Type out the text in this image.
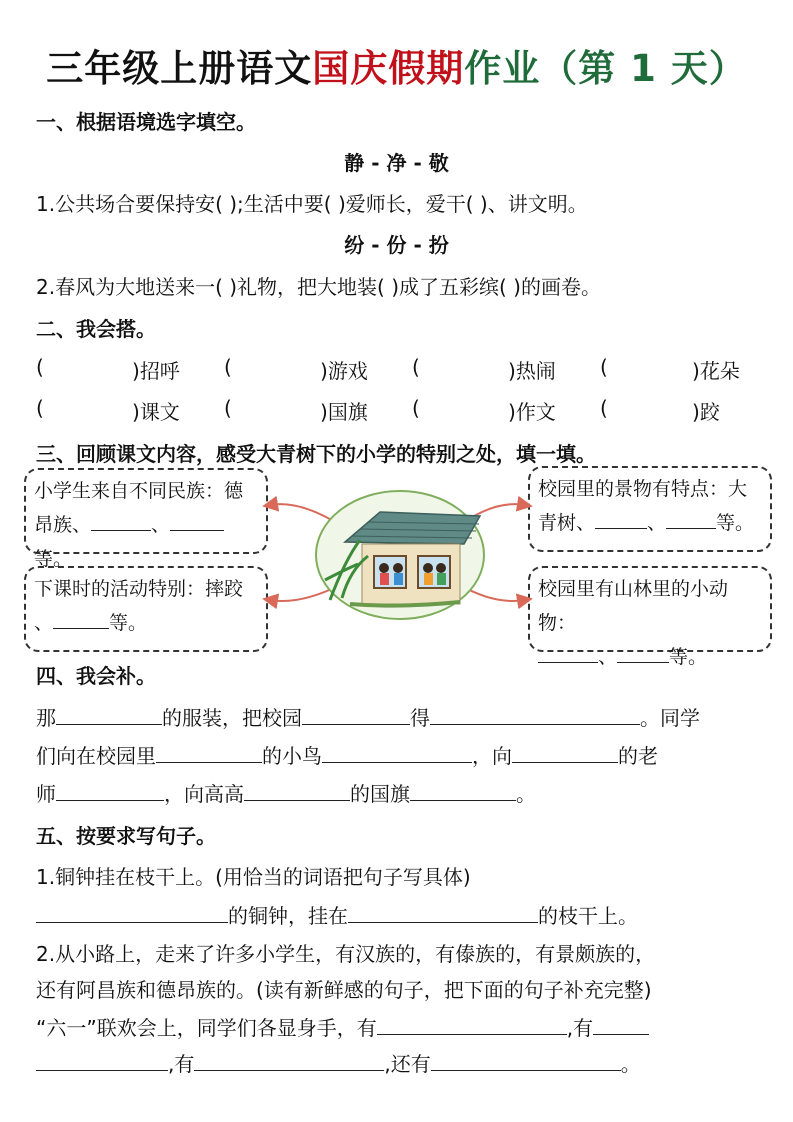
三年级上册语文国庆假期作业（第 1 天）
一、根据语境选字填空。
静 - 净 - 敬
1.公共场合要保持安( );生活中要( )爱师长，爱干( )、讲文明。
纷 - 份 - 扮
2.春风为大地送来一( )礼物，把大地装( )成了五彩缤( )的画卷。
二、我会搭。
(	)招呼 (	)游戏 (	)热闹 (	)花朵
(	)课文 (	)国旗 (	)作文 (	)跤
三、回顾课文内容，感受大青树下的小学的特别之处，填一填。
小学生来自不同民族：德
昂族、	、等。
校园里的景物有特点：大
青树、	、	等。
下课时的活动特别：摔跤
、	等。
校园里有山林里的小动物：
、	等。
四、我会补。
那	的服装，把校园	得	。同学
们向在校园里	的小鸟	，向	的老
师	，向高高	的国旗	。
五、按要求写句子。
1.铜钟挂在枝干上。(用恰当的词语把句子写具体)
的铜钟，挂在	的枝干上。
2.从小路上，走来了许多小学生，有汉族的，有傣族的，有景颇族的，
还有阿昌族和德昂族的。(读有新鲜感的句子，把下面的句子补充完整)
“六一”联欢会上，同学们各显身手，有	,有
,有	,还有	。
